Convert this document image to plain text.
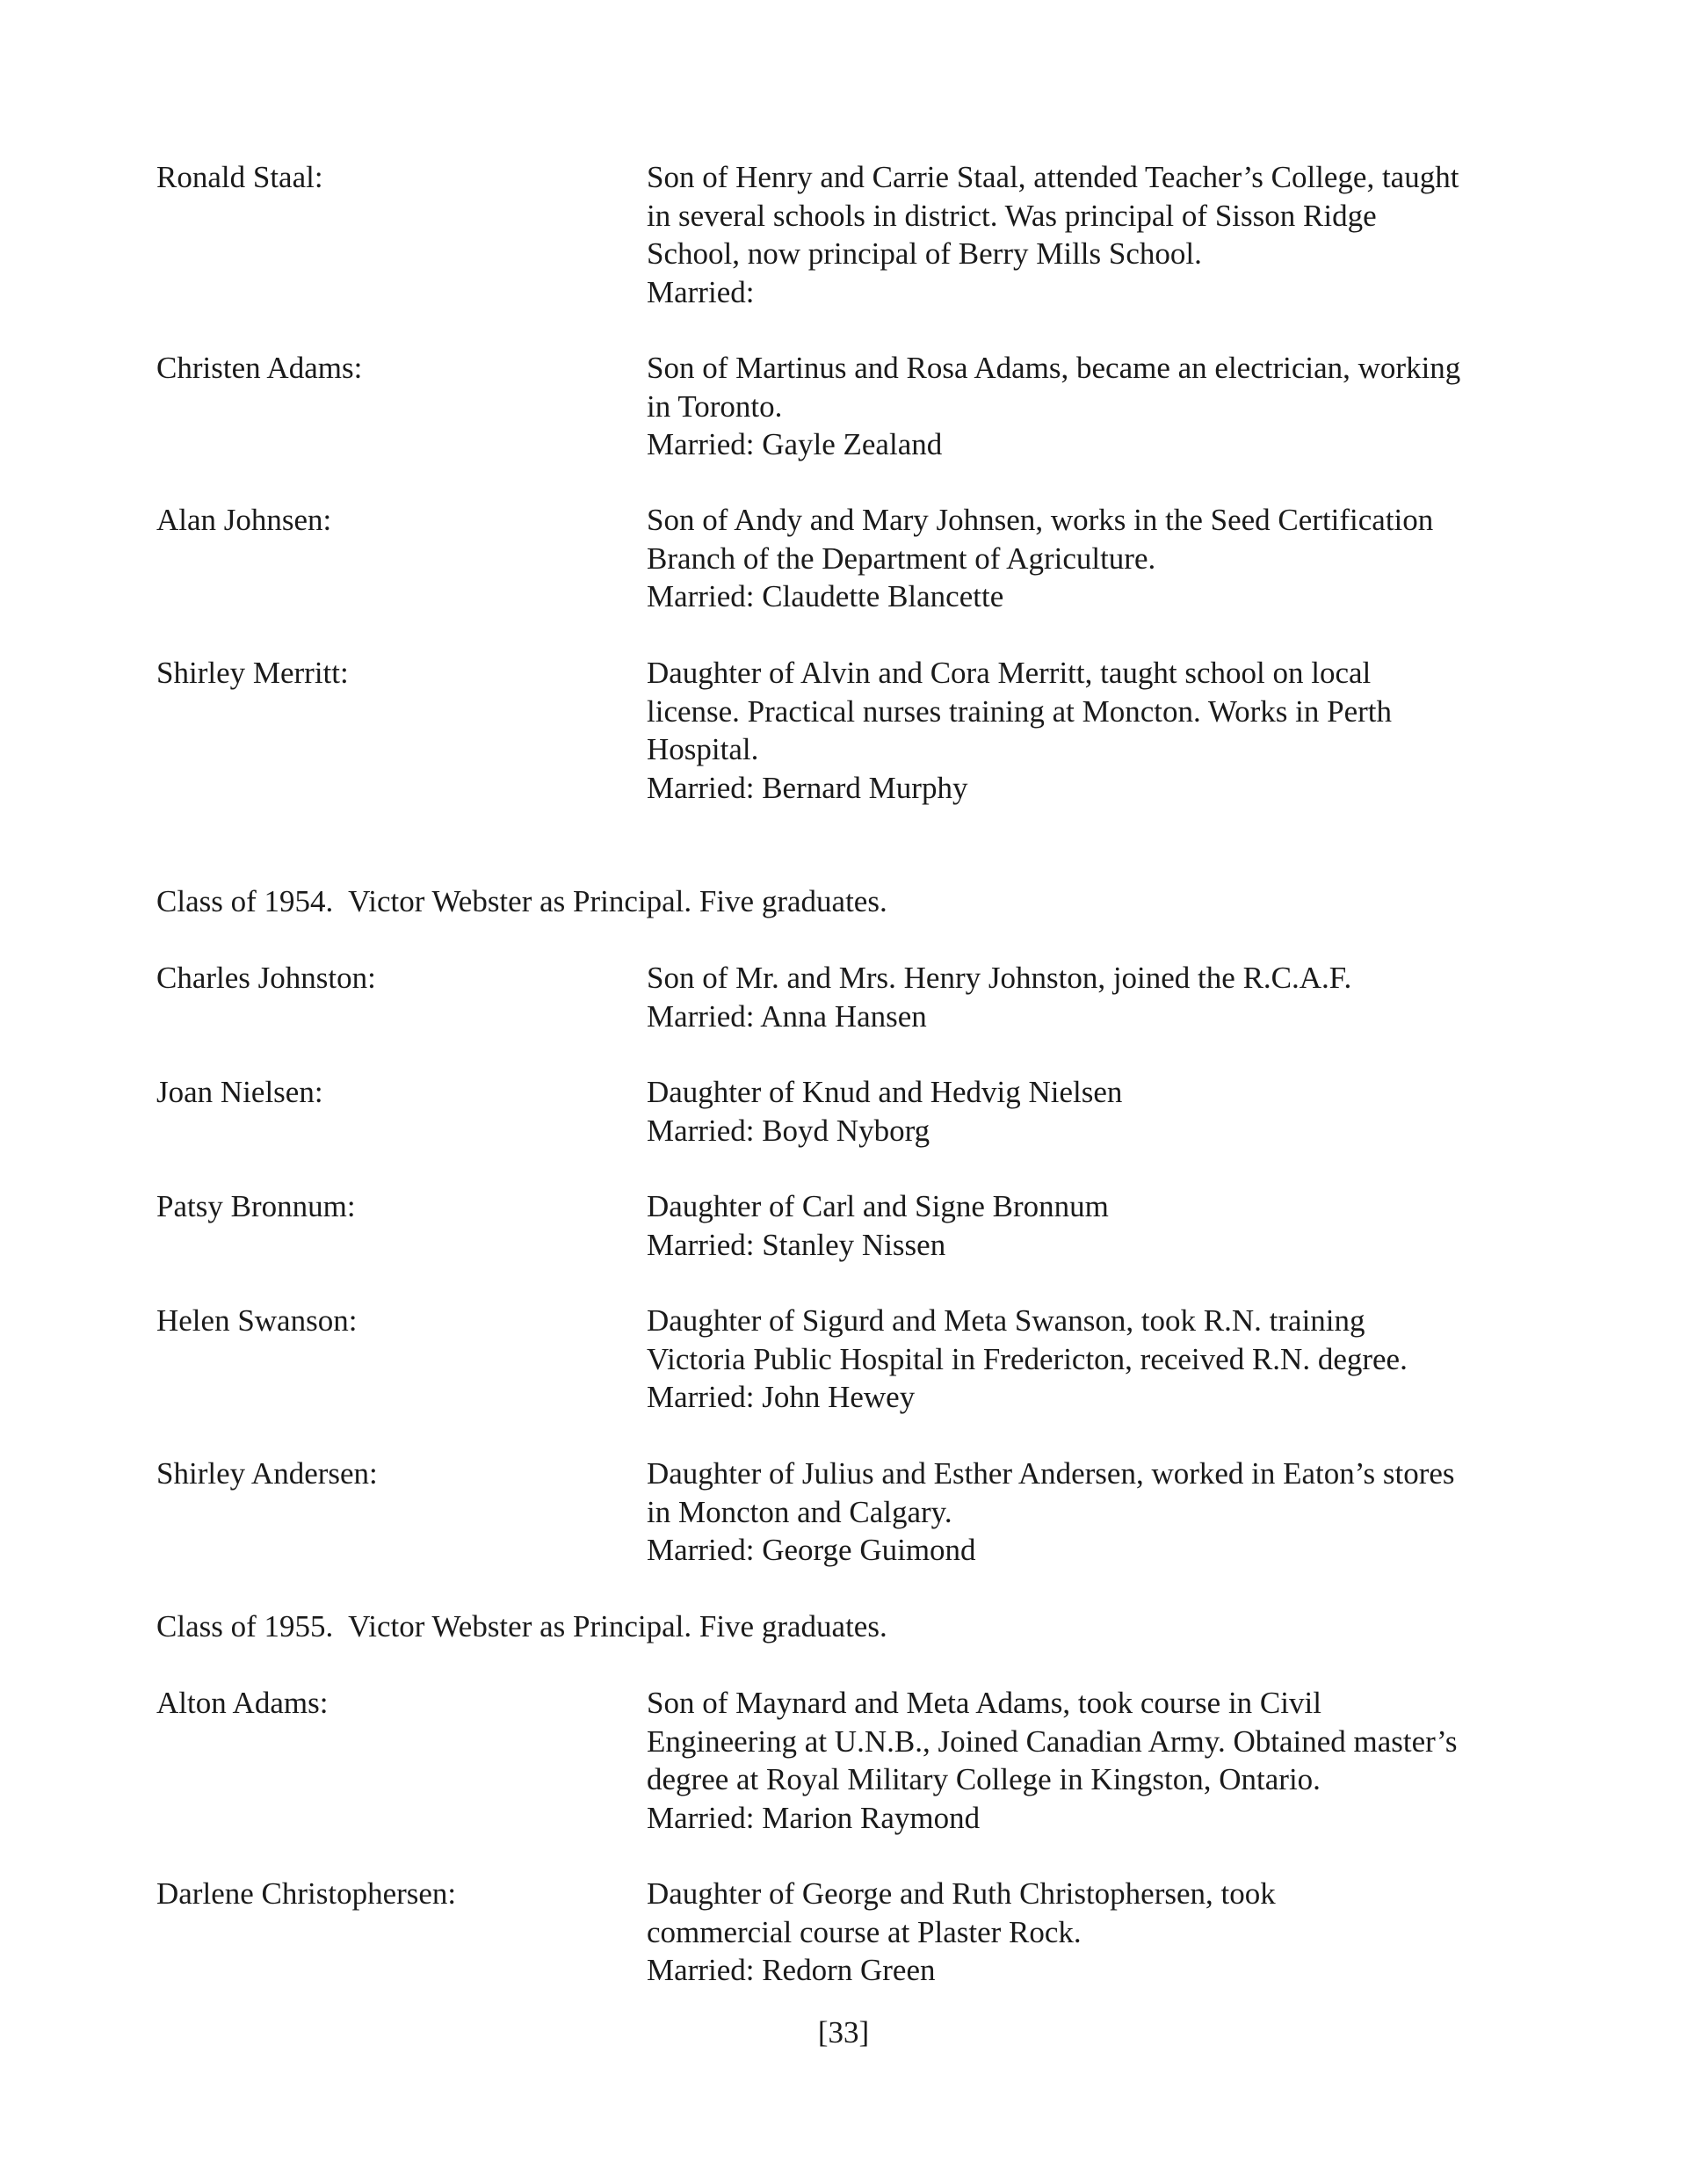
Ronald Staal:	Son of Henry and Carrie Staal, attended Teacher’s College, taught
in several schools in district. Was principal of Sisson Ridge
School, now principal of Berry Mills School.
Married:
Christen Adams:	Son of Martinus and Rosa Adams, became an electrician, working
in Toronto.
Married: Gayle Zealand
Alan Johnsen:	Son of Andy and Mary Johnsen, works in the Seed Certification
Branch of the Department of Agriculture.
Married: Claudette Blancette
Shirley Merritt:	Daughter of Alvin and Cora Merritt, taught school on local
license. Practical nurses training at Moncton. Works in Perth
Hospital.
Married: Bernard Murphy
Class of 1954.  Victor Webster as Principal. Five graduates.
Charles Johnston:	Son of Mr. and Mrs. Henry Johnston, joined the R.C.A.F.
Married: Anna Hansen
Joan Nielsen:	Daughter of Knud and Hedvig Nielsen
Married: Boyd Nyborg
Patsy Bronnum:	Daughter of Carl and Signe Bronnum
Married: Stanley Nissen
Helen Swanson:	Daughter of Sigurd and Meta Swanson, took R.N. training
Victoria Public Hospital in Fredericton, received R.N. degree.
Married: John Hewey
Shirley Andersen:	Daughter of Julius and Esther Andersen, worked in Eaton’s stores
in Moncton and Calgary.
Married: George Guimond
Class of 1955.  Victor Webster as Principal. Five graduates.
Alton Adams:	Son of Maynard and Meta Adams, took course in Civil
Engineering at U.N.B., Joined Canadian Army. Obtained master’s
degree at Royal Military College in Kingston, Ontario.
Married: Marion Raymond
Darlene Christophersen:	Daughter of George and Ruth Christophersen, took
commercial course at Plaster Rock.
Married: Redorn Green
[33]
